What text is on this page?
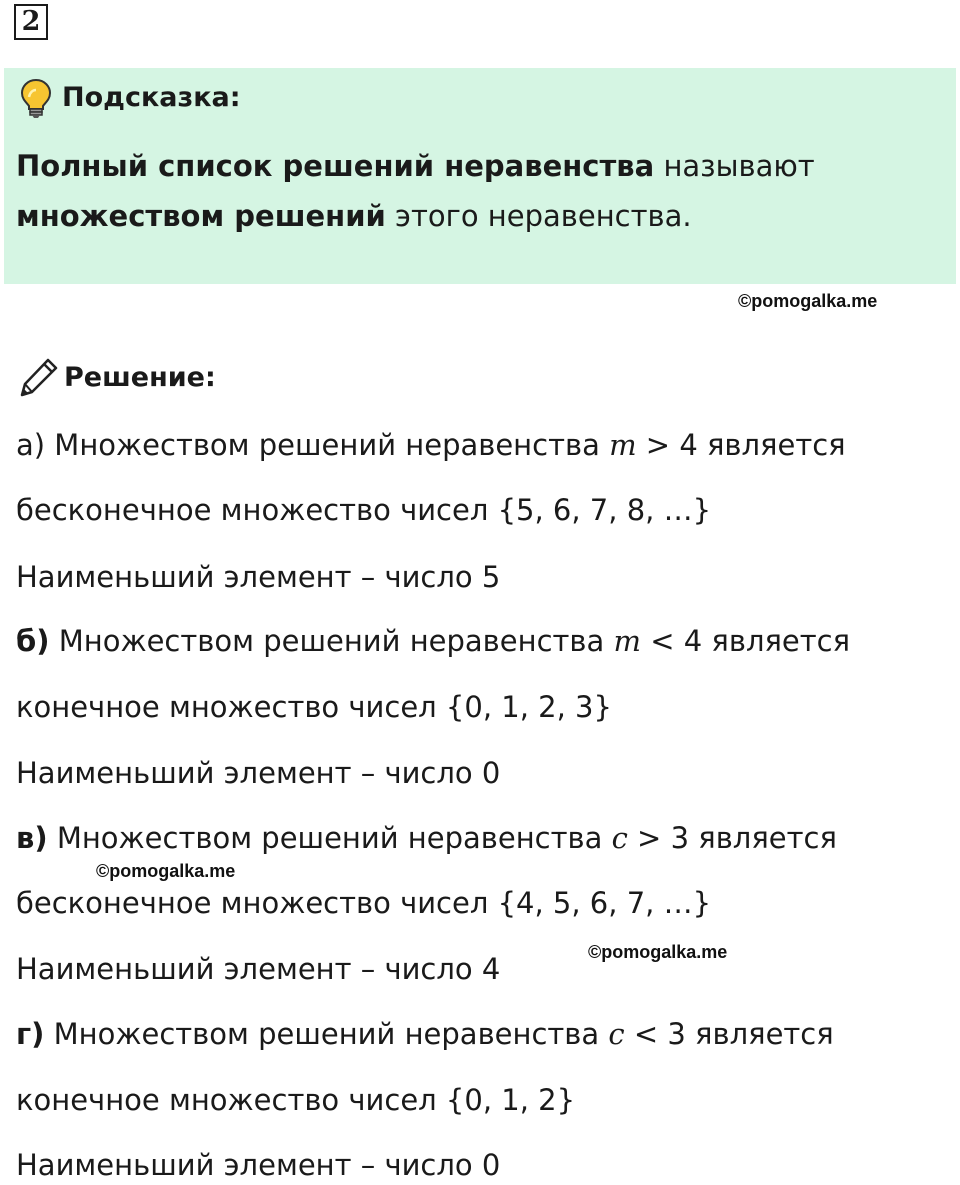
2
Подсказка:
Полный список решений неравенства называют
множеством решений этого неравенства.
©pomogalka.me
©pomogalka.me
©pomogalka.me
Решение:
а) Множеством решений неравенства m > 4 является
бесконечное множество чисел {5, 6, 7, 8, …}
Наименьший элемент – число 5
б) Множеством решений неравенства m < 4 является
конечное множество чисел {0, 1, 2, 3}
Наименьший элемент – число 0
в) Множеством решений неравенства c > 3 является
бесконечное множество чисел {4, 5, 6, 7, …}
Наименьший элемент – число 4
г) Множеством решений неравенства c < 3 является
конечное множество чисел {0, 1, 2}
Наименьший элемент – число 0
